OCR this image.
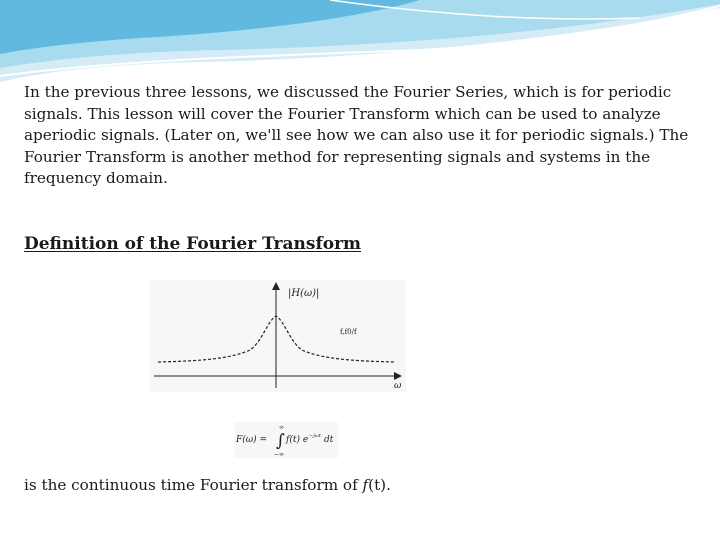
In the previous three lessons, we discussed the Fourier Series, which is for periodic signals. This lesson will cover the Fourier Transform which can be used to analyze aperiodic signals. (Later on, we'll see how we can also use it for periodic signals.) The Fourier Transform is another method for representing signals and systems in the frequency domain.

Definition of the Fourier Transform
|H(ω)|
f,f0/f
ω
F(ω) = ∫
∞
−∞
f(t) e −jωt dt

is the continuous time Fourier transform of f(t).
